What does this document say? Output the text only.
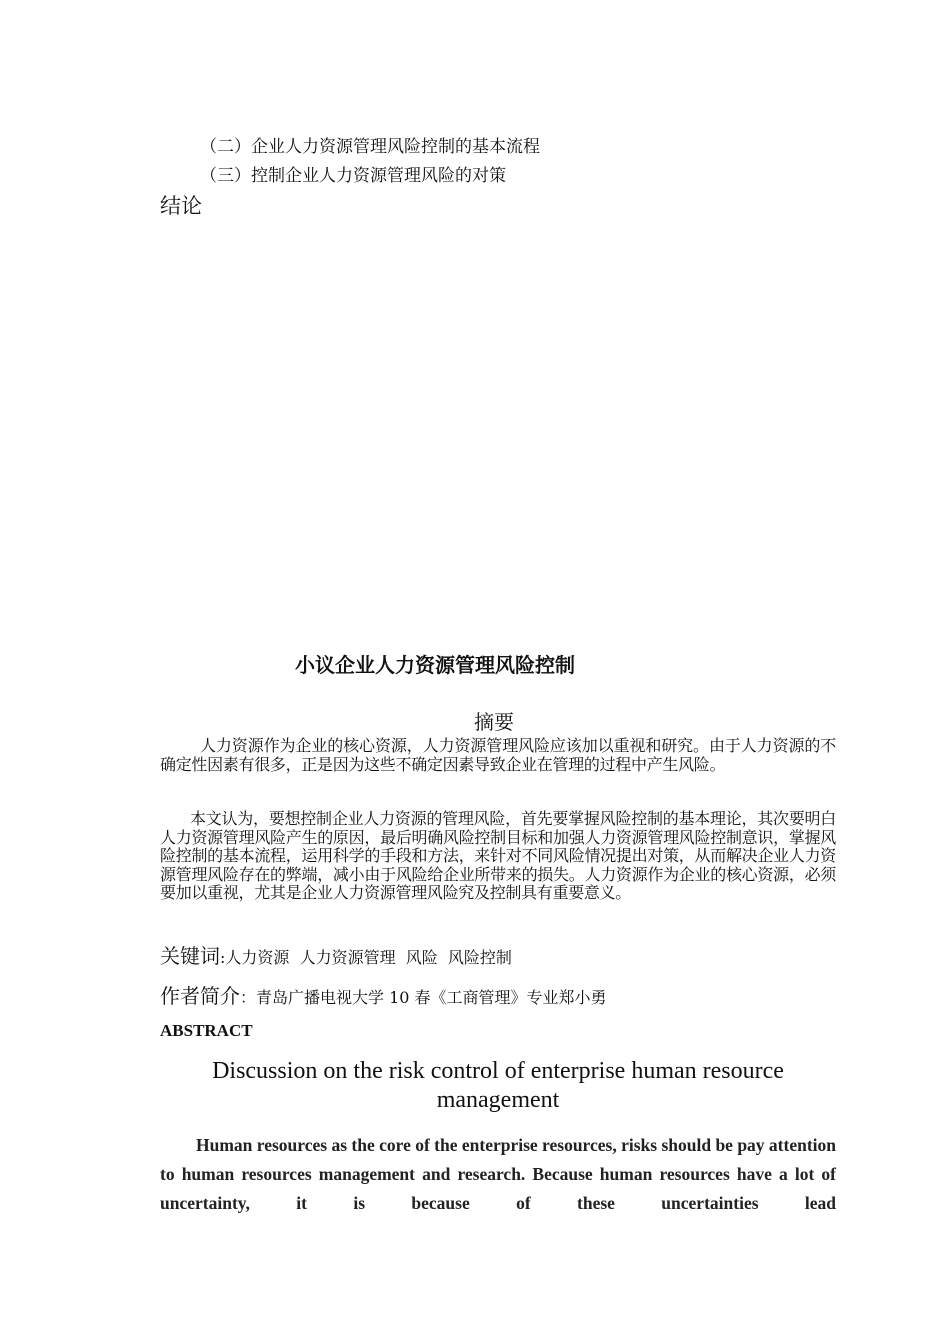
（二）企业人力资源管理风险控制的基本流程
（三）控制企业人力资源管理风险的对策
结论
小议企业人力资源管理风险控制
摘要

人力资源作为企业的核心资源，人力资源管理风险应该加以重视和研究。由于人力资源的不确定性因素有很多，正是因为这些不确定因素导致企业在管理的过程中产生风险。

本文认为，要想控制企业人力资源的管理风险，首先要掌握风险控制的基本理论，其次要明白人力资源管理风险产生的原因，最后明确风险控制目标和加强人力资源管理风险控制意识，掌握风险控制的基本流程，运用科学的手段和方法，来针对不同风险情况提出对策，从而解决企业人力资源管理风险存在的弊端，减小由于风险给企业所带来的损失。人力资源作为企业的核心资源，必须要加以重视，尤其是企业人力资源管理风险究及控制具有重要意义。

关键词:人力资源  人力资源管理  风险  风险控制
作者简介：青岛广播电视大学 10 春《工商管理》专业郑小勇
ABSTRACT
Discussion on the risk control of enterprise human resource management

Human resources as the core of the enterprise resources, risks should be pay attention to human resources management and research. Because human resources have a lot of uncertainty, it is because of these uncertainties lead
